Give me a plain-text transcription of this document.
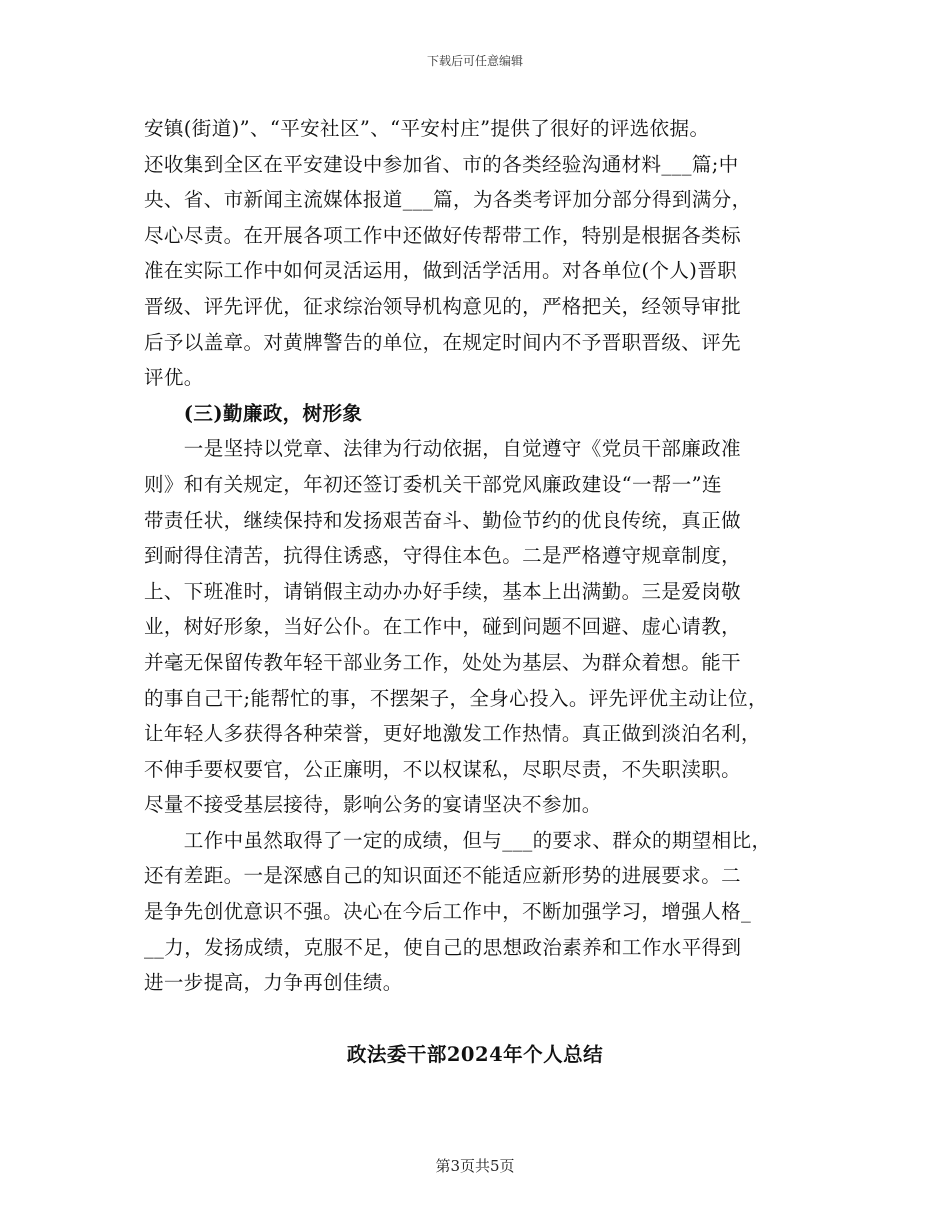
下载后可任意编辑
安镇(街道)”、“平安社区”、“平安村庄”提供了很好的评选依据。
还收集到全区在平安建设中参加省、市的各类经验沟通材料___篇;中
央、省、市新闻主流媒体报道___篇，为各类考评加分部分得到满分，
尽心尽责。在开展各项工作中还做好传帮带工作，特别是根据各类标
准在实际工作中如何灵活运用，做到活学活用。对各单位(个人)晋职
晋级、评先评优，征求综治领导机构意见的，严格把关，经领导审批
后予以盖章。对黄牌警告的单位，在规定时间内不予晋职晋级、评先
评优。
　　(三)勤廉政，树形象
　　一是坚持以党章、法律为行动依据，自觉遵守《党员干部廉政准
则》和有关规定，年初还签订委机关干部党风廉政建设“一帮一”连
带责任状，继续保持和发扬艰苦奋斗、勤俭节约的优良传统，真正做
到耐得住清苦，抗得住诱惑，守得住本色。二是严格遵守规章制度，
上、下班准时，请销假主动办办好手续，基本上出满勤。三是爱岗敬
业，树好形象，当好公仆。在工作中，碰到问题不回避、虚心请教，
并毫无保留传教年轻干部业务工作，处处为基层、为群众着想。能干
的事自己干;能帮忙的事，不摆架子，全身心投入。评先评优主动让位，
让年轻人多获得各种荣誉，更好地激发工作热情。真正做到淡泊名利，
不伸手要权要官，公正廉明，不以权谋私，尽职尽责，不失职渎职。
尽量不接受基层接待，影响公务的宴请坚决不参加。
　　工作中虽然取得了一定的成绩，但与___的要求、群众的期望相比，
还有差距。一是深感自己的知识面还不能适应新形势的进展要求。二
是争先创优意识不强。决心在今后工作中，不断加强学习，增强人格_
__力，发扬成绩，克服不足，使自己的思想政治素养和工作水平得到
进一步提高，力争再创佳绩。
政法委干部2024年个人总结
第3页共5页
